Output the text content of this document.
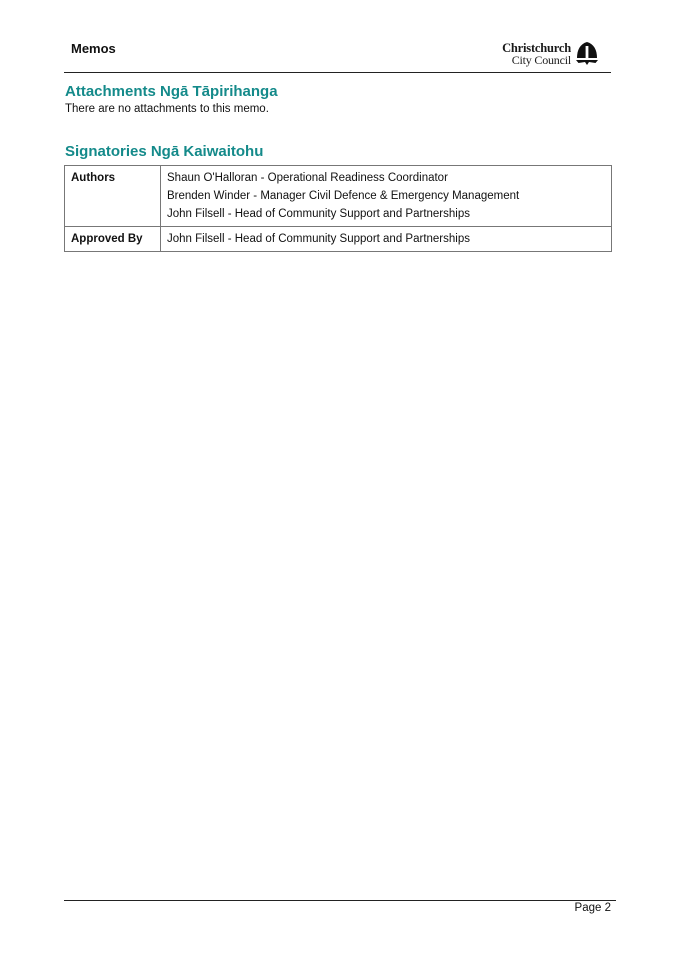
Memos	Christchurch
City Council
Attachments Ngā Tāpirihanga
There are no attachments to this memo.
Signatories Ngā Kaiwaitohu
Authors	Shaun O'Halloran - Operational Readiness Coordinator
Brenden Winder - Manager Civil Defence & Emergency Management
John Filsell - Head of Community Support and Partnerships

Approved By	John Filsell - Head of Community Support and Partnerships
Page 2
